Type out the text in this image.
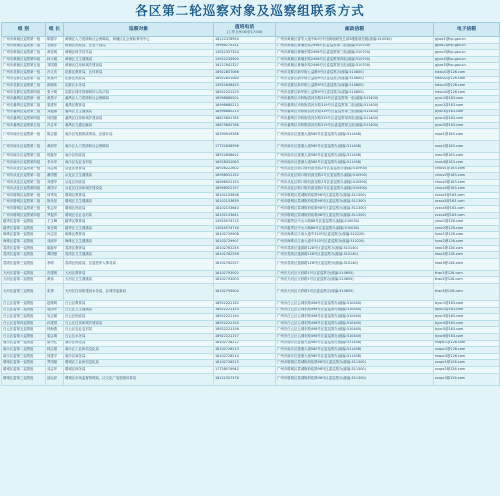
各区第二轮巡察对象及巡察组联系方式
组 别	组 长	巡察对象	值班电话
(工作日9:00至17:00)	邮政信箱	电子信箱
广州市黄埔区巡察第一组	陈德平	黄埔区人力资源和社会保障局、黄埔区社会保险事务中心	18122378954	广州市黄埔区香雪大道中80号中国黄埔研发总部3楼邮政信箱(邮编:510530)	gjsxc1@hp.gov.cn
广州市黄埔区巡察第二组	毛晓东	黄埔区民政局、区老干部局	19966275331	广州市黄埔区黄埔东路2498号区委巡察第二组(邮编:510700)	gjsxc2@hp.gov.cn
广州市黄埔区巡察第三组	黄佳明	黄埔区科学技术局	13922357324	广州市黄埔区黄埔东路2498号区委巡察第三组(邮编:510700)	gjsxc3@hp.gov.cn
广州市黄埔区巡察第四组	林小娟	黄埔区卫生健康局	13922234900	广州市黄埔区黄埔东路2498号区委巡察第四组(邮编:510700)	gjsxc4@hp.gov.cn
广州市黄埔区巡察第五组	刘国刚	黄埔区住房和城乡建设局	18127842327	广州市黄埔区黄埔东路2498号区委巡察第五组(邮编:510700)	gjsxc5@hp.gov.cn
广州市花都区巡察第一组	冯文庆	花都区教育局、区体育局	18922857066	广州市花都区新华街公益路9号区委巡察办(邮编:510800)	hdxcz1@126.com
广州市花都区巡察第二组	黄惠玲	花都区民政局	18922851060	广州市花都区新华街公益路9号区委巡察办(邮编:510800)	hdxcz2@126.com
广州市花都区巡察第三组	彭晓伟	花都区水务局	13922838425	广州市花都区新华街公益路9号区委巡察办(邮编:510800)	hdxcz3@126.com
广州市花都区巡察第四组	张小明	花都区城市管理和综合执法局	18922251225	广州市花都区新华街公益路9号区委巡察办(邮编:510800)	hdxcz4@126.com
广州市番禺区巡察第一组	黄思平	番禺区人力资源和社会保障局	18998680201	广州市番禺区市桥街清河东路319号区委巡察第一组(邮编:511400)	pyxc1@163.com
广州市番禺区巡察第二组	梁建华	番禺区教育局	18998680212	广州市番禺区市桥街清河东路319号区委巡察第二组(邮编:511400)	pyxc2@163.com
广州市番禺区巡察第三组	刘振雄	番禺区卫生健康局	18998680215	广州市番禺区市桥街清河东路319号区委巡察第三组(邮编:511400)	pyxc3@163.com
广州市番禺区巡察第四组	何国强	番禺区住房和城乡建设局	18675802765	广州市番禺区市桥街清河东路319号区委巡察第四组(邮编:511400)	pyxc4@163.com
广州市番禺区巡察第五组	冯志军	番禺区交通运输局	18675802766	广州市番禺区市桥街清河东路319号区委巡察第五组(邮编:511400)	pyxc5@163.com
广州市南沙区巡察第一组	陈志强	南沙区发展和改革局、区统计局	18190919268	广州市南沙区进港大道580号区委巡察办(邮编:511458)	nsxc1@163.com
广州市南沙区巡察第二组	黄淑华	南沙区人力资源和社会保障局	17722658596	广州市南沙区进港大道580号区委巡察办(邮编:511458)	nsxc2@163.com
广州市南沙区巡察第三组	郭振华	南沙区民政局	18922858612	广州市南沙区进港大道580号区委巡察办(邮编:511458)	nsxc3@163.com
广州市南沙区巡察第四组	李永华	南沙区农业农村局	18928452063	广州市南沙区进港大道580号区委巡察办(邮编:511458)	nsxc4@163.com
广州市从化区巡察第一组	邓志明	从化区教育局	18926222602	广州市从化区街口街河滨北路2号区委巡察办(邮编:510900)	chxcz1@163.com
广州市从化区巡察第二组	谢国强	从化区卫生健康局	18998922152	广州市从化区街口街河滨北路2号区委巡察办(邮编:510900)	chxcz2@163.com
广州市从化区巡察第三组	刘建华	从化区民政局	18998922153	广州市从化区街口街河滨北路2号区委巡察办(邮编:510900)	chxcz3@163.com
广州市从化区巡察第四组	黄国平	从化区住房和城乡建设局	18998922157	广州市从化区街口街河滨北路2号区委巡察办(邮编:510900)	chxcz4@163.com
广州市增城区巡察第一组	何秀英	增城区教育局	18102153638	广州市增城区荔城街府佑路98号区委巡察办(邮编:511300)	zcxcz1@163.com
广州市增城区巡察第二组	陈伟坚	增城区卫生健康局	18102153639	广州市增城区荔城街府佑路98号区委巡察办(邮编:511300)	zcxcz2@163.com
广州市增城区巡察第三组	张志华	增城区民政局	18102153640	广州市增城区荔城街府佑路98号区委巡察办(邮编:511300)	zcxcz3@163.com
广州市增城区巡察第四组	罗振声	增城区农业农村局	18102153641	广州市增城区荔城街府佑路98号区委巡察办(邮编:511300)	zcxcz4@163.com
越秀区委第一巡察组	王文峰	越秀区教育局	13925574715	广州市越秀区中山六路86号区委巡察办(邮编:510030)	yxxc1@126.com
越秀区委第二巡察组	梁光明	越秀区卫生健康局	13925574716	广州市越秀区中山六路86号区委巡察办(邮编:510030)	yxxc2@126.com
海珠区委第一巡察组	叶志坚	海珠区教育局	18102729908	广州市海珠区江南大道中310号区委巡察办(邮编:510220)	hzxc1@126.com
海珠区委第二巡察组	邓丽华	海珠区卫生健康局	18102729907	广州市海珠区江南大道中310号区委巡察办(邮编:510220)	hzxc2@126.com
荔湾区委第一巡察组	陈振华	荔湾区教育局	18102762255	广州市荔湾区逢源路128号区委巡察办(邮编:510140)	lwxc1@126.com
荔湾区委第二巡察组	谭国强	荔湾区卫生健康局	18102762256	广州市荔湾区逢源路128号区委巡察办(邮编:510140)	lwxc2@126.com
荔湾区委第三巡察组	李明	荔湾区民政局、区退役军人事务局	18102762257	广州市荔湾区逢源路128号区委巡察办(邮编:510140)	lwxc3@126.com
天河区委第一巡察组	冯建明	天河区教育局	18102793002	广州市天河区天府路1号区委巡察办(邮编:510655)	thxc1@126.com
天河区委第二巡察组	黄伟	天河区卫生健康局	18102793003	广州市天河区天府路1号区委巡察办(邮编:510655)	thxc2@126.com
天河区委第三巡察组	张勇	天河区住房和建设水务局、区城市更新局	18102793004	广州市天河区天府路1号区委巡察办(邮编:510655)	thxc3@126.com
白云区委第一巡察组	赵晓明	白云区教育局	18922221152	广州市白云区云城东路498号区委巡察办(邮编:510440)	byxc1@163.com
白云区委第二巡察组	周国华	白云区卫生健康局	18922221153	广州市白云区云城东路498号区委巡察办(邮编:510440)	byxc2@163.com
白云区委第三巡察组	吴志强	白云区民政局	18922221154	广州市白云区云城东路498号区委巡察办(邮编:510440)	byxc3@163.com
白云区委第四巡察组	孙建国	白云区住房和城乡建设局	18922221155	广州市白云区云城东路498号区委巡察办(邮编:510440)	byxc4@163.com
白云区委第五巡察组	钟海燕	白云区农业农村局	18922221156	广州市白云区云城东路498号区委巡察办(邮编:510440)	byxc5@163.com
白云区委第六巡察组	梁志明	白云区水务局	18922221157	广州市白云区云城东路498号区委巡察办(邮编:510440)	byxc6@163.com
南沙区委第一巡察组	陈小红	南沙区科技局	18102726212	广州市南沙区进港大道580号区委巡察办(邮编:511458)	nsqxc1@126.com
南沙区委第二巡察组	林志强	南沙区工业和信息化局	18102726213	广州市南沙区进港大道580号区委巡察办(邮编:511458)	nsqxc2@126.com
南沙区委第三巡察组	何建平	南沙区商务局	18102726214	广州市南沙区进港大道580号区委巡察办(邮编:511458)	nsqxc3@126.com
增城区委第一巡察组	罗国强	增城区工业和信息化局	18102726215	广州市增城区荔城街府佑路98号区委巡察办(邮编:511300)	zcqxc1@126.com
增城区委第二巡察组	邓志华	增城区商务局	17728074942	广州市增城区荔城街府佑路98号区委巡察办(邮编:511300)	zcqxc2@126.com
增城区委第三巡察组	邵运祥	增城区市场监督管理局、区文化广电旅游体育局	18122357376	广州市增城区荔城街府佑路98号区委巡察办(邮编:511300)	zcqxc3@126.com
